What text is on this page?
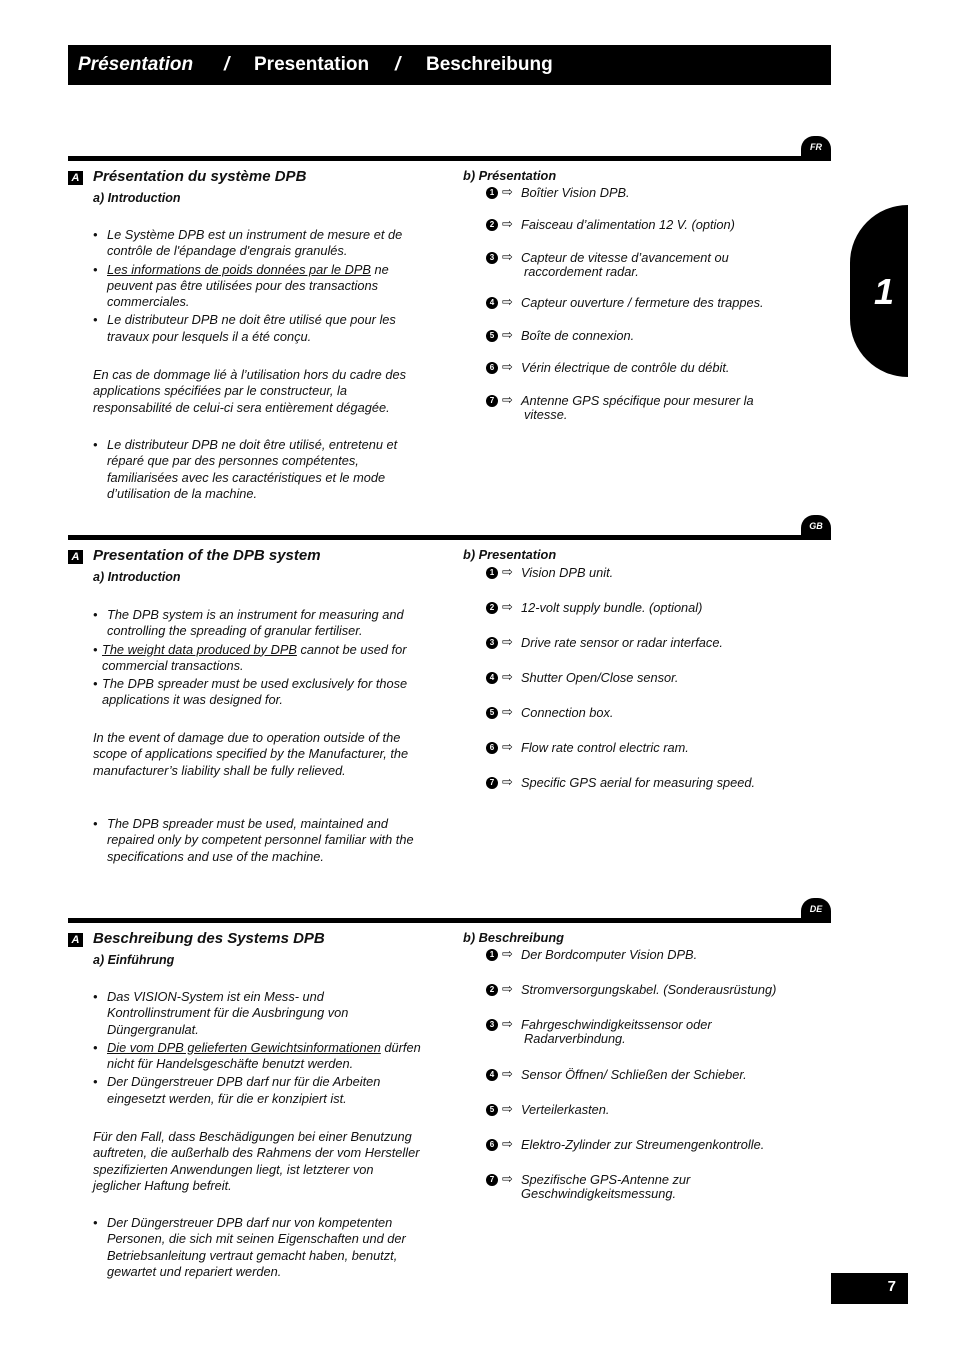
Présentation / Presentation / Beschreibung
1
FR
A Présentation du système DPB
a) Introduction
• Le Système DPB est un instrument de mesure et de contrôle de l'épandage d'engrais granulés.
• Les informations de poids données par le DPB ne peuvent pas être utilisées pour des transactions commerciales.
• Le distributeur DPB ne doit être utilisé que pour les travaux pour lesquels il a été conçu.

En cas de dommage lié à l’utilisation hors du cadre des applications spécifiées par le constructeur, la responsabilité de celui-ci sera entièrement dégagée.

• Le distributeur DPB ne doit être utilisé, entretenu et réparé que par des personnes compétentes, familiarisées avec les caractéristiques et le mode d’utilisation de la machine.
b) Présentation
1 ⇨ Boîtier Vision DPB.
2 ⇨ Faisceau d’alimentation 12 V. (option)
3 ⇨ Capteur de vitesse d’avancement ou
raccordement radar.
4 ⇨ Capteur ouverture / fermeture des trappes.
5 ⇨ Boîte de connexion.
6 ⇨ Vérin électrique de contrôle du débit.
7 ⇨ Antenne GPS spécifique pour mesurer la
vitesse.
GB
A Presentation of the DPB system
a) Introduction
• The DPB system is an instrument for measuring and controlling the spreading of granular fertiliser.
• The weight data produced by DPB cannot be used for commercial transactions.
• The DPB spreader must be used exclusively for those applications it was designed for.

In the event of damage due to operation outside of the scope of applications specified by the Manufacturer, the manufacturer’s liability shall be fully relieved.

• The DPB spreader must be used, maintained and repaired only by competent personnel familiar with the specifications and use of the machine.
b) Presentation
1 ⇨ Vision DPB unit.
2 ⇨ 12-volt supply bundle. (optional)
3 ⇨ Drive rate sensor or radar interface.
4 ⇨ Shutter Open/Close sensor.
5 ⇨ Connection box.
6 ⇨ Flow rate control electric ram.
7 ⇨ Specific GPS aerial for measuring speed.
DE
A Beschreibung des Systems DPB
a) Einführung
• Das VISION-System ist ein Mess- und Kontrollinstrument für die Ausbringung von Düngergranulat.
• Die vom DPB gelieferten Gewichtsinformationen dürfen nicht für Handelsgeschäfte benutzt werden.
• Der Düngerstreuer DPB darf nur für die Arbeiten eingesetzt werden, für die er konzipiert ist.

Für den Fall, dass Beschädigungen bei einer Benutzung auftreten, die außerhalb des Rahmens der vom Hersteller spezifizierten Anwendungen liegt, ist letzterer von jeglicher Haftung befreit.

• Der Düngerstreuer DPB darf nur von kompetenten Personen, die sich mit seinen Eigenschaften und der Betriebsanleitung vertraut gemacht haben, benutzt, gewartet und repariert werden.
b) Beschreibung
1 ⇨ Der Bordcomputer Vision DPB.
2 ⇨ Stromversorgungskabel. (Sonderausrüstung)
3 ⇨ Fahrgeschwindigkeitssensor oder
Radarverbindung.
4 ⇨ Sensor Öffnen/ Schließen der Schieber.
5 ⇨ Verteilerkasten.
6 ⇨ Elektro-Zylinder zur Streumengenkontrolle.
7 ⇨ Spezifische GPS-Antenne zur
Geschwindigkeitsmessung.
7
